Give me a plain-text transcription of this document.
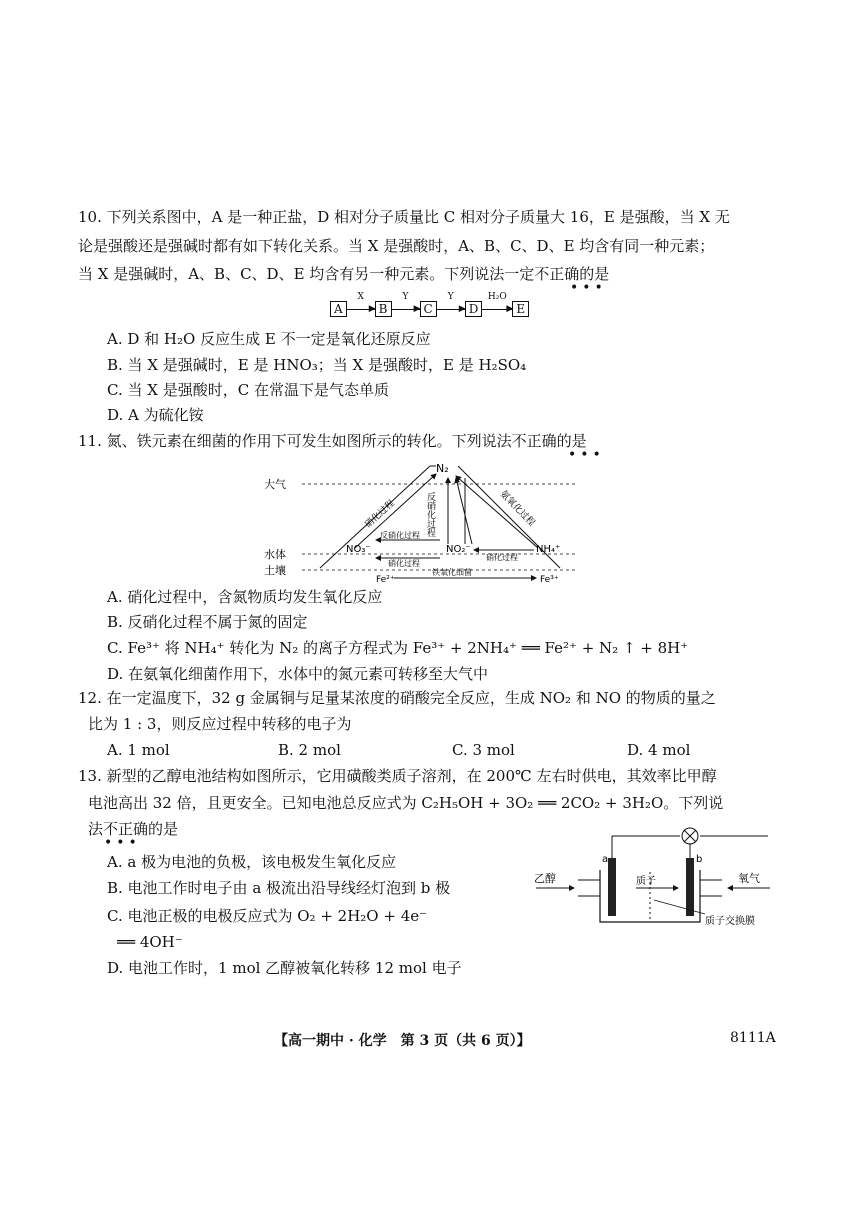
10. 下列关系图中，A 是一种正盐，D 相对分子质量比 C 相对分子质量大 16，E 是强酸，当 X 无
论是强酸还是强碱时都有如下转化关系。当 X 是强酸时，A、B、C、D、E 均含有同一种元素；
当 X 是强碱时，A、B、C、D、E 均含有另一种元素。下列说法一定不正确的是
•••
A
X
▶ B
Y
▶ C
Y
▶ D
H₂O
▶ E
A. D 和 H₂O 反应生成 E 不一定是氧化还原反应
B. 当 X 是强碱时，E 是 HNO₃；当 X 是强酸时，E 是 H₂SO₄
C. 当 X 是强酸时，C 在常温下是气态单质
D. A 为硫化铵
11. 氮、铁元素在细菌的作用下可发生如图所示的转化。下列说法不正确的是
•••
大气
水体
土壤
N₂
硝化过程	氨氧化过程
反硝化过程
NO₃⁻	NO₂⁻	NH₄⁺
反硝化过程
硝化过程
硝化过程
Fe²⁺
铁氧化细菌
Fe³⁺
A. 硝化过程中，含氮物质均发生氧化反应
B. 反硝化过程不属于氮的固定
C. Fe³⁺ 将 NH₄⁺ 转化为 N₂ 的离子方程式为 Fe³⁺ + 2NH₄⁺ ══ Fe²⁺ + N₂ ↑ + 8H⁺
D. 在氨氧化细菌作用下，水体中的氮元素可转移至大气中
12. 在一定温度下，32 g 金属铜与足量某浓度的硝酸完全反应，生成 NO₂ 和 NO 的物质的量之
比为 1 : 3，则反应过程中转移的电子为
A. 1 mol	B. 2 mol	C. 3 mol	D. 4 mol
13. 新型的乙醇电池结构如图所示，它用磺酸类质子溶剂，在 200℃ 左右时供电，其效率比甲醇
电池高出 32 倍，且更安全。已知电池总反应式为 C₂H₅OH + 3O₂ ══ 2CO₂ + 3H₂O。下列说
法不正确的是
•••
A. a 极为电池的负极，该电极发生氧化反应
B. 电池工作时电子由 a 极流出沿导线经灯泡到 b 极
C. 电池正极的电极反应式为 O₂ + 2H₂O + 4e⁻
══ 4OH⁻
D. 电池工作时，1 mol 乙醇被氧化转移 12 mol 电子
a	b
质子
质子交换膜
乙醇	氧气
【高一期中 · 化学　第 3 页（共 6 页）】	8111A
